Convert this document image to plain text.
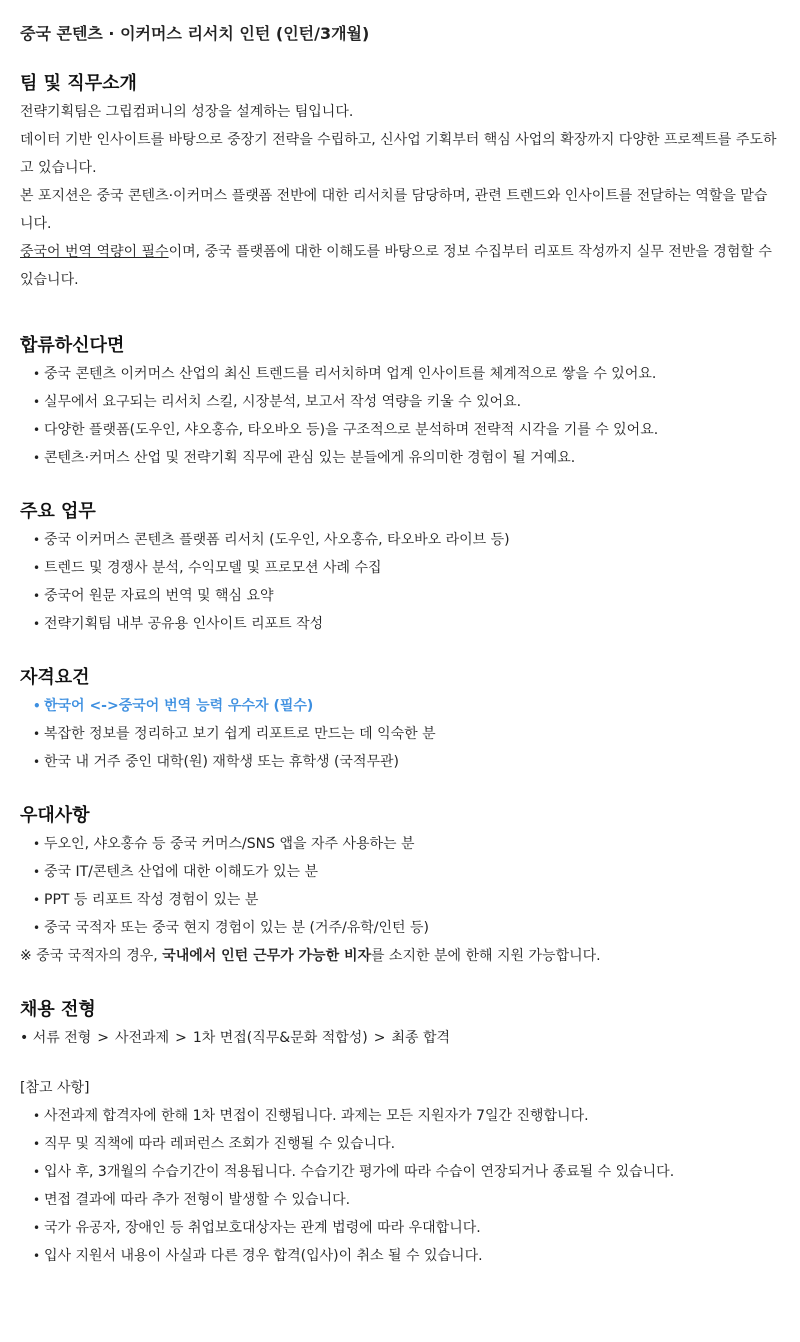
중국 콘텐츠 · 이커머스 리서치 인턴 (인턴/3개월)
팀 및 직무소개

전략기획팀은 그립컴퍼니의 성장을 설계하는 팀입니다.

데이터 기반 인사이트를 바탕으로 중장기 전략을 수립하고, 신사업 기획부터 핵심 사업의 확장까지 다양한 프로젝트를 주도하고 있습니다.

본 포지션은 중국 콘텐츠·이커머스 플랫폼 전반에 대한 리서치를 담당하며, 관련 트렌드와 인사이트를 전달하는 역할을 맡습니다.

중국어 번역 역량이 필수이며, 중국 플랫폼에 대한 이해도를 바탕으로 정보 수집부터 리포트 작성까지 실무 전반을 경험할 수 있습니다.

합류하신다면
• 중국 콘텐츠 이커머스 산업의 최신 트렌드를 리서치하며 업계 인사이트를 체계적으로 쌓을 수 있어요.
• 실무에서 요구되는 리서치 스킬, 시장분석, 보고서 작성 역량을 키울 수 있어요.
• 다양한 플랫폼(도우인, 샤오홍슈, 타오바오 등)을 구조적으로 분석하며 전략적 시각을 기를 수 있어요.
• 콘텐츠·커머스 산업 및 전략기획 직무에 관심 있는 분들에게 유의미한 경험이 될 거예요.
주요 업무
• 중국 이커머스 콘텐츠 플랫폼 리서치 (도우인, 사오홍슈, 타오바오 라이브 등)
• 트렌드 및 경쟁사 분석, 수익모델 및 프로모션 사례 수집
• 중국어 원문 자료의 번역 및 핵심 요약
• 전략기획팀 내부 공유용 인사이트 리포트 작성
자격요건
• 한국어 <->중국어 번역 능력 우수자 (필수)
• 복잡한 정보를 정리하고 보기 쉽게 리포트로 만드는 데 익숙한 분
• 한국 내 거주 중인 대학(원) 재학생 또는 휴학생 (국적무관)
우대사항
• 두오인, 샤오홍슈 등 중국 커머스/SNS 앱을 자주 사용하는 분
• 중국 IT/콘텐츠 산업에 대한 이해도가 있는 분
• PPT 등 리포트 작성 경험이 있는 분
• 중국 국적자 또는 중국 현지 경험이 있는 분 (거주/유학/인턴 등)

※ 중국 국적자의 경우, 국내에서 인턴 근무가 가능한 비자를 소지한 분에 한해 지원 가능합니다.

채용 전형
• 서류 전형 > 사전과제 > 1차 면접(직무&문화 적합성) > 최종 합격

[참고 사항]

• 사전과제 합격자에 한해 1차 면접이 진행됩니다. 과제는 모든 지원자가 7일간 진행합니다.
• 직무 및 직책에 따라 레퍼런스 조회가 진행될 수 있습니다.
• 입사 후, 3개월의 수습기간이 적용됩니다. 수습기간 평가에 따라 수습이 연장되거나 종료될 수 있습니다.
• 면접 결과에 따라 추가 전형이 발생할 수 있습니다.
• 국가 유공자, 장애인 등 취업보호대상자는 관계 법령에 따라 우대합니다.
• 입사 지원서 내용이 사실과 다른 경우 합격(입사)이 취소 될 수 있습니다.
